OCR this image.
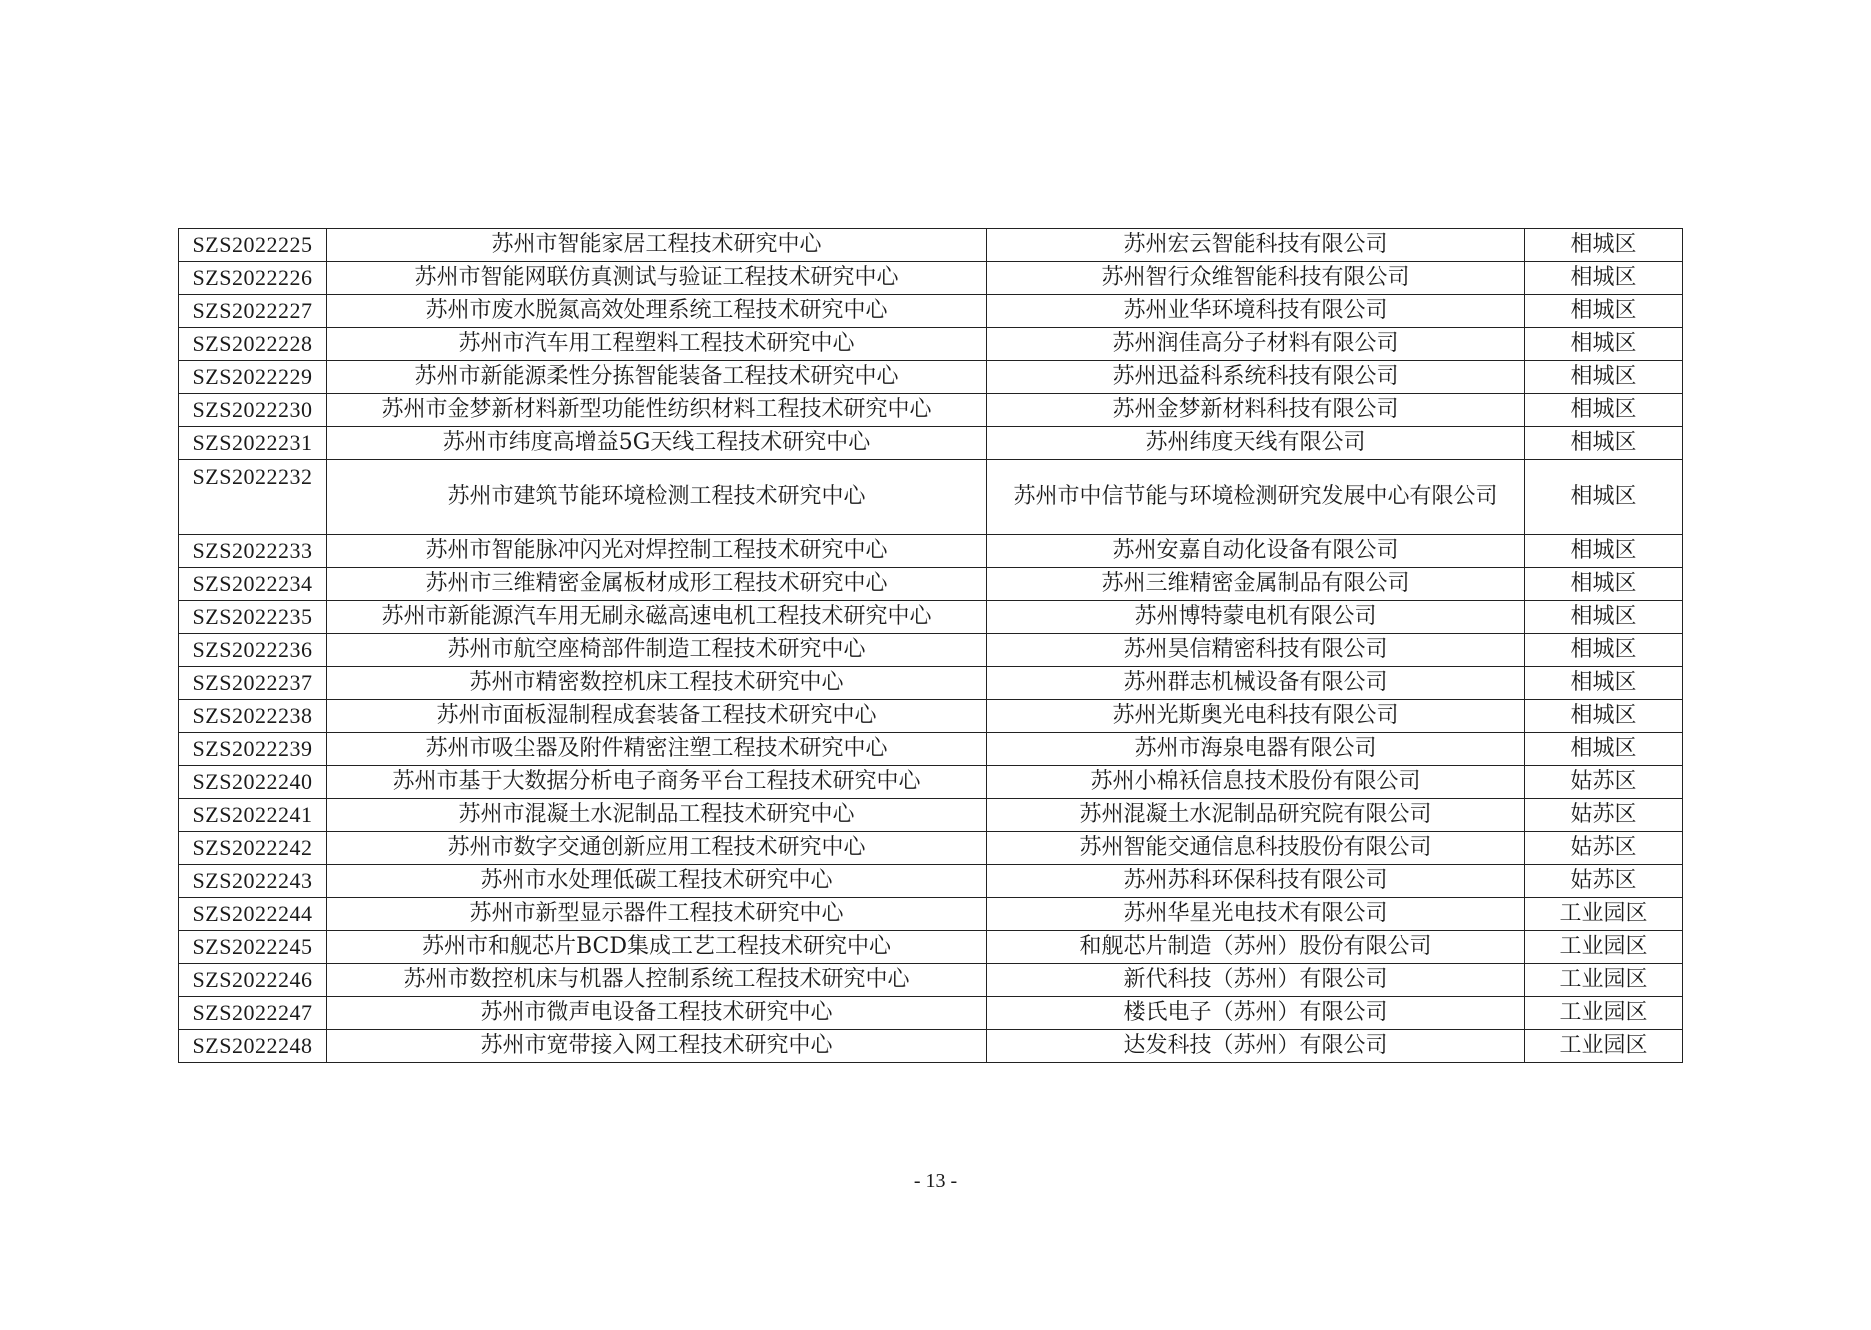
SZS2022225	苏州市智能家居工程技术研究中心	苏州宏云智能科技有限公司	相城区
SZS2022226	苏州市智能网联仿真测试与验证工程技术研究中心	苏州智行众维智能科技有限公司	相城区
SZS2022227	苏州市废水脱氮高效处理系统工程技术研究中心	苏州业华环境科技有限公司	相城区
SZS2022228	苏州市汽车用工程塑料工程技术研究中心	苏州润佳高分子材料有限公司	相城区
SZS2022229	苏州市新能源柔性分拣智能装备工程技术研究中心	苏州迅益科系统科技有限公司	相城区
SZS2022230	苏州市金梦新材料新型功能性纺织材料工程技术研究中心	苏州金梦新材料科技有限公司	相城区
SZS2022231	苏州市纬度高增益5G天线工程技术研究中心	苏州纬度天线有限公司	相城区
SZS2022232	苏州市建筑节能环境检测工程技术研究中心	苏州市中信节能与环境检测研究发展中心有限公司	相城区
SZS2022233	苏州市智能脉冲闪光对焊控制工程技术研究中心	苏州安嘉自动化设备有限公司	相城区
SZS2022234	苏州市三维精密金属板材成形工程技术研究中心	苏州三维精密金属制品有限公司	相城区
SZS2022235	苏州市新能源汽车用无刷永磁高速电机工程技术研究中心	苏州博特蒙电机有限公司	相城区
SZS2022236	苏州市航空座椅部件制造工程技术研究中心	苏州昊信精密科技有限公司	相城区
SZS2022237	苏州市精密数控机床工程技术研究中心	苏州群志机械设备有限公司	相城区
SZS2022238	苏州市面板湿制程成套装备工程技术研究中心	苏州光斯奥光电科技有限公司	相城区
SZS2022239	苏州市吸尘器及附件精密注塑工程技术研究中心	苏州市海泉电器有限公司	相城区
SZS2022240	苏州市基于大数据分析电子商务平台工程技术研究中心	苏州小棉袄信息技术股份有限公司	姑苏区
SZS2022241	苏州市混凝土水泥制品工程技术研究中心	苏州混凝土水泥制品研究院有限公司	姑苏区
SZS2022242	苏州市数字交通创新应用工程技术研究中心	苏州智能交通信息科技股份有限公司	姑苏区
SZS2022243	苏州市水处理低碳工程技术研究中心	苏州苏科环保科技有限公司	姑苏区
SZS2022244	苏州市新型显示器件工程技术研究中心	苏州华星光电技术有限公司	工业园区
SZS2022245	苏州市和舰芯片BCD集成工艺工程技术研究中心	和舰芯片制造（苏州）股份有限公司	工业园区
SZS2022246	苏州市数控机床与机器人控制系统工程技术研究中心	新代科技（苏州）有限公司	工业园区
SZS2022247	苏州市微声电设备工程技术研究中心	楼氏电子（苏州）有限公司	工业园区
SZS2022248	苏州市宽带接入网工程技术研究中心	达发科技（苏州）有限公司	工业园区
- 13 -
